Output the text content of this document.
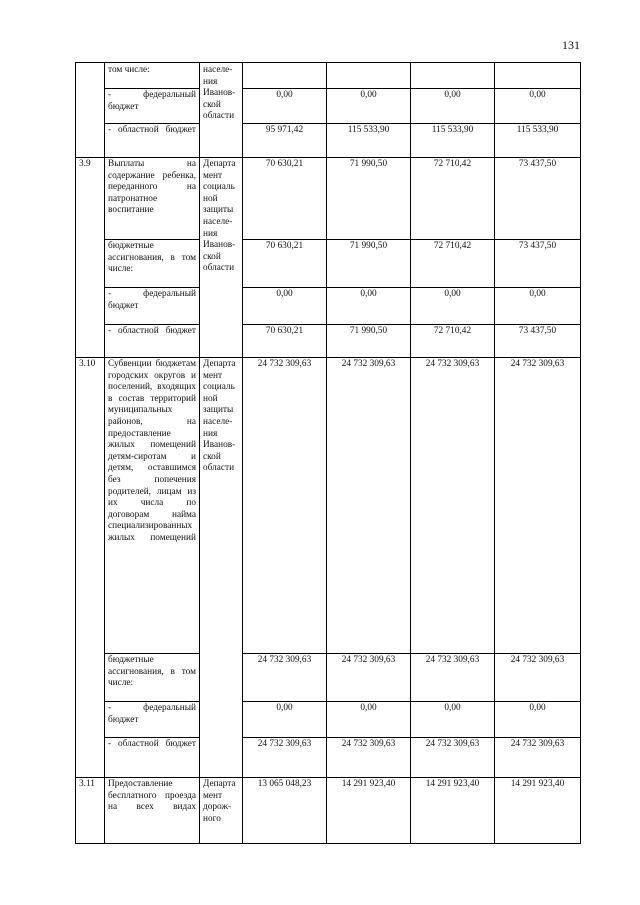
131
	том числе:	населе- ния Иванов- ской области				
	- федеральный бюджет		0,00	0,00	0,00	0,00
	- областной бюджет		95 971,42	115 533,90	115 533,90	115 533,90
3.9	Выплаты на содержание ребенка, переданного на патронатное воспитание	Департа мент социаль ной защиты населе- ния Иванов- ской области	70 630,21	71 990,50	72 710,42	73 437,50
	бюджетные ассигнования, в том числе:		70 630,21	71 990,50	72 710,42	73 437,50
	- федеральный бюджет		0,00	0,00	0,00	0,00
	- областной бюджет		70 630,21	71 990,50	72 710,42	73 437,50
3.10	Субвенции бюджетам городских округов и поселений, входящих в состав территорий муниципальных районов, на предоставление жилых помещений детям-сиротам и детям, оставшимся без попечения родителей, лицам из их числа по договорам найма специализированных жилых помещений	Департа мент социаль ной защиты населе- ния Иванов- ской области	24 732 309,63	24 732 309,63	24 732 309,63	24 732 309,63
	бюджетные ассигнования, в том числе:		24 732 309,63	24 732 309,63	24 732 309,63	24 732 309,63
	- федеральный бюджет		0,00	0,00	0,00	0,00
	- областной бюджет		24 732 309,63	24 732 309,63	24 732 309,63	24 732 309,63
3.11	Предоставление бесплатного проезда на всех видах	Департа мент дорож- ного	13 065 048,23	14 291 923,40	14 291 923,40	14 291 923,40
